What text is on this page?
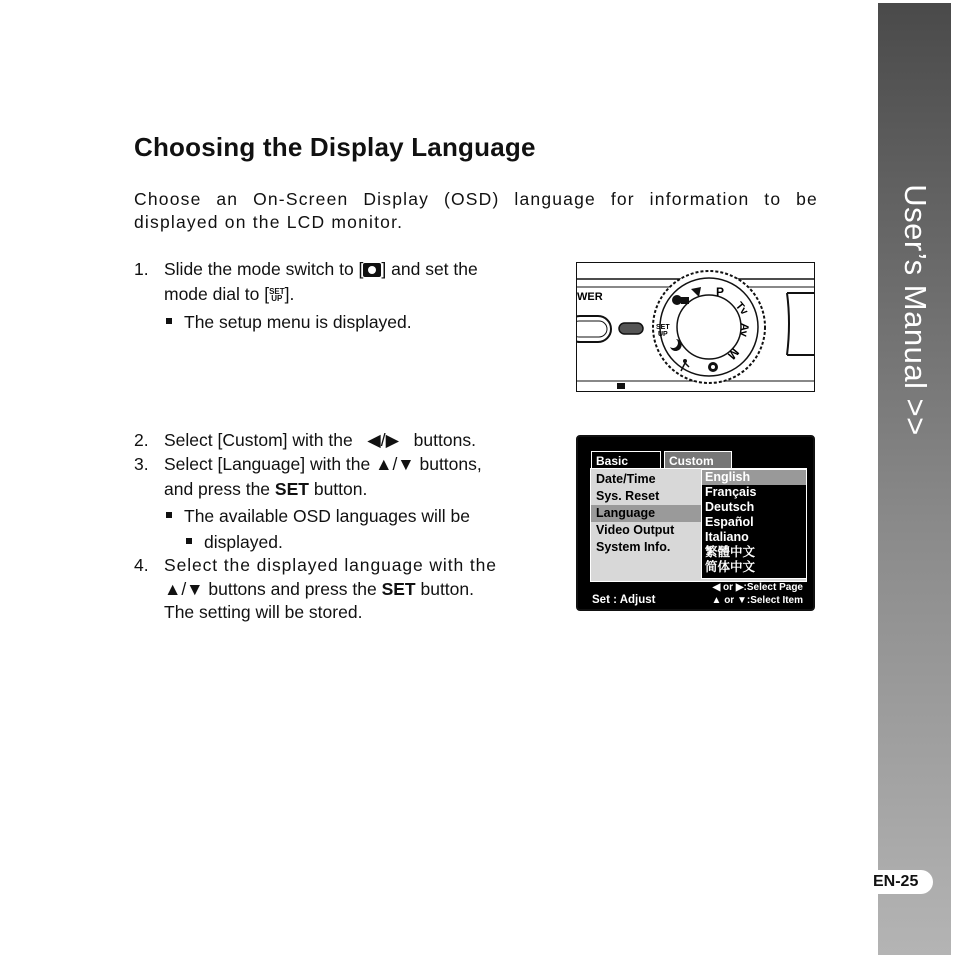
User’s Manual >>
EN-25
Choosing the Display Language

Choose an On-Screen Display (OSD) language for information to be displayed on the LCD monitor.

1. Slide the mode switch to [ ] and set the

mode dial to [SET
UP ].

The setup menu is displayed.

2. Select [Custom] with the ◀/▶ buttons.

3. Select [Language] with the ▲/▼ buttons,

and press the SET button.

The available OSD languages will be
displayed.

4. Select the displayed language with the

▲/▼ buttons and press the SET button.

The setting will be stored.

WER	P
Tv
Av
M
SET
UP
Basic	Custom
Date/Time
Sys. Reset
Language
Video Output
System Info.
English
Français
Deutsch
Español
Italiano
繁體中文
简体中文
Set : Adjust
◀ or ▶:Select Page
▲ or ▼:Select Item
